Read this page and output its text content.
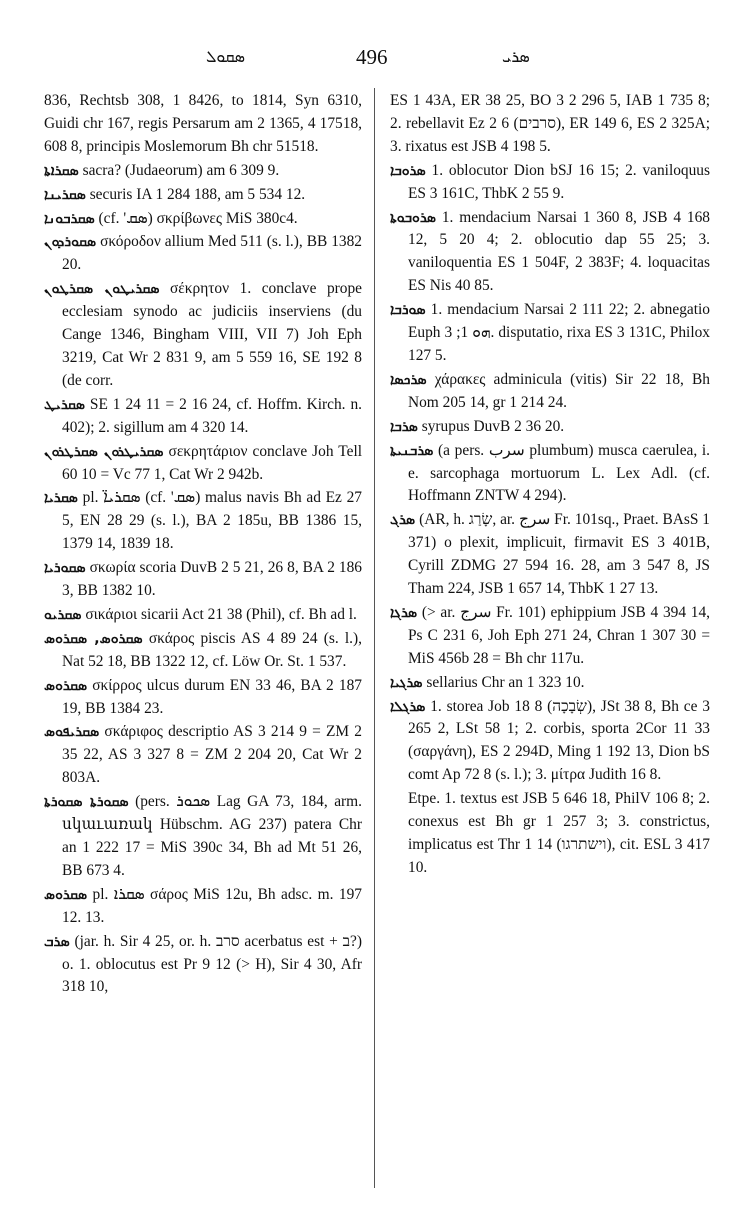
ܣܩܘܠ	496	ܣܪܝ

836, Rechtsb 308, 1 8426, to 1814, Syn 6310, Guidi chr 167, regis Persarum am 2 1365, 4 17518, 608 8, principis Moslemorum Bh chr 51518.

ܣܩܪܐܬܐ sacra? (Judaeorum) am 6 309 9.

ܣܩܪܝܢܐ securis IA 1 284 188, am 5 534 12.

ܣܩܪܒܘܢܐ (cf. 'ܣܩ) σκρίβωνες MiS 380c4.

ܣܩܘܪܕܘܢ σκόροδον allium Med 511 (s. l.), BB 1382 20.

ܣܩܪܝܛܘܢ ܣܩܪܛܘܢ σέκρητον 1. conclave prope ecclesiam synodo ac judiciis inserviens (du Cange 1346, Bingham VIII, VII 7) Joh Eph 3219, Cat Wr 2 831 9, am 5 559 16, SE 192 8 (de corr.

ܣܩܪܝܛ SE 1 24 11 = 2 16 24, cf. Hoffm. Kirch. n. 402); 2. sigillum am 4 320 14.

ܣܩܪܝܛܪܘܢ ܣܩܪܛܪܘܢ σεκρητάριον conclave Joh Tell 60 10 = Vc 77 1, Cat Wr 2 942b.

ܣܩܪܝܐ pl. ܣܩܪܝܐ̈ (cf. 'ܣܩ) malus navis Bh ad Ez 27 5, EN 28 29 (s. l.), BA 2 185u, BB 1386 15, 1379 14, 1839 18.

ܣܩܘܪܝܐ σκωρία scoria DuvB 2 5 21, 26 8, BA 2 186 3, BB 1382 10.

ܣܩܪܝܘ σικάριοι sicarii Act 21 38 (Phil), cf. Bh ad l.

ܣܩܪܘܣ, ܣܩܪܘܣ σκάρος piscis AS 4 89 24 (s. l.), Nat 52 18, BB 1322 12, cf. Löw Or. St. 1 537.

ܣܩܪܘܣ σκίρρος ulcus durum EN 33 46, BA 2 187 19, BB 1384 23.

ܣܩܪܝܦܘܣ σκάριφος descriptio AS 3 214 9 = ZM 2 35 22, AS 3 327 8 = ZM 2 204 20, Cat Wr 2 803A.

ܣܩܘܪܬܐ ܣܩܘܪܬܐ (pers. ܣܟܘܪ Lag GA 73, 184, arm. սկաւառակ Hübschm. AG 237) patera Chr an 1 222 17 = MiS 390c 34, Bh ad Mt 51 26, BB 673 4.

ܣܩܪܘܣ pl. ܣܩܪܐ σάρος MiS 12u, Bh adsc. m. 197 12. 13.

ܣܪܒ (jar. h. Sir 4 25, or. h. סרב acerbatus est + ב?) o. 1. oblocutus est Pr 9 12 (> H), Sir 4 30, Afr 318 10,

ES 1 43A, ER 38 25, BO 3 2 296 5, IAB 1 735 8; 2. rebellavit Ez 2 6 (סרבים), ER 149 6, ES 2 325A; 3. rixatus est JSB 4 198 5.

ܣܪܘܒܐ 1. oblocutor Dion bSJ 16 15; 2. vaniloquus ES 3 161C, ThbK 2 55 9.

ܣܪܘܒܘܬܐ 1. mendacium Narsai 1 360 8, JSB 4 168 12, 5 20 4; 2. oblocutio dap 55 25; 3. vaniloquentia ES 1 504F, 2 383F; 4. loquacitas ES Nis 40 85.

ܣܘܪܒܐ 1. mendacium Narsai 2 111 22; 2. abnegatio Euph ܗܘ 1; 3. disputatio, rixa ES 3 131C, Philox 127 5.

ܣܪܟܣܐ χάρακες adminicula (vitis) Sir 22 18, Bh Nom 205 14, gr 1 214 24.

ܣܪܒܐ syrupus DuvB 2 36 20.

ܣܪܒܢܝܬܐ (a pers. سرب plumbum) musca caerulea, i. e. sarcophaga mortuorum L. Lex Adl. (cf. Hoffmann ZNTW 4 294).

ܣܪܓ (AR, h. שָׂרַג, ar. سرج Fr. 101sq., Praet. BAsS 1 371) o plexit, implicuit, firmavit ES 3 401B, Cyrill ZDMG 27 594 16. 28, am 3 547 8, JS Tham 224, JSB 1 657 14, ThbK 1 27 13.

ܣܪܓܐ (> ar. سرج Fr. 101) ephippium JSB 4 394 14, Ps C 231 6, Joh Eph 271 24, Chran 1 307 30 = MiS 456b 28 = Bh chr 117u.

ܣܪܓܝܐ sellarius Chr an 1 323 10.

ܣܪܓܠܐ 1. storea Job 18 8 (שְׂבָכָה), JSt 38 8, Bh ce 3 265 2, LSt 58 1; 2. corbis, sporta 2Cor 11 33 (σαργάνη), ES 2 294D, Ming 1 192 13, Dion bS comt Ap 72 8 (s. l.); 3. μίτρα Judith 16 8.

Etpe. 1. textus est JSB 5 646 18, PhilV 106 8; 2. conexus est Bh gr 1 257 3; 3. constrictus, implicatus est Thr 1 14 (וישתרגו), cit. ESL 3 417 10.
